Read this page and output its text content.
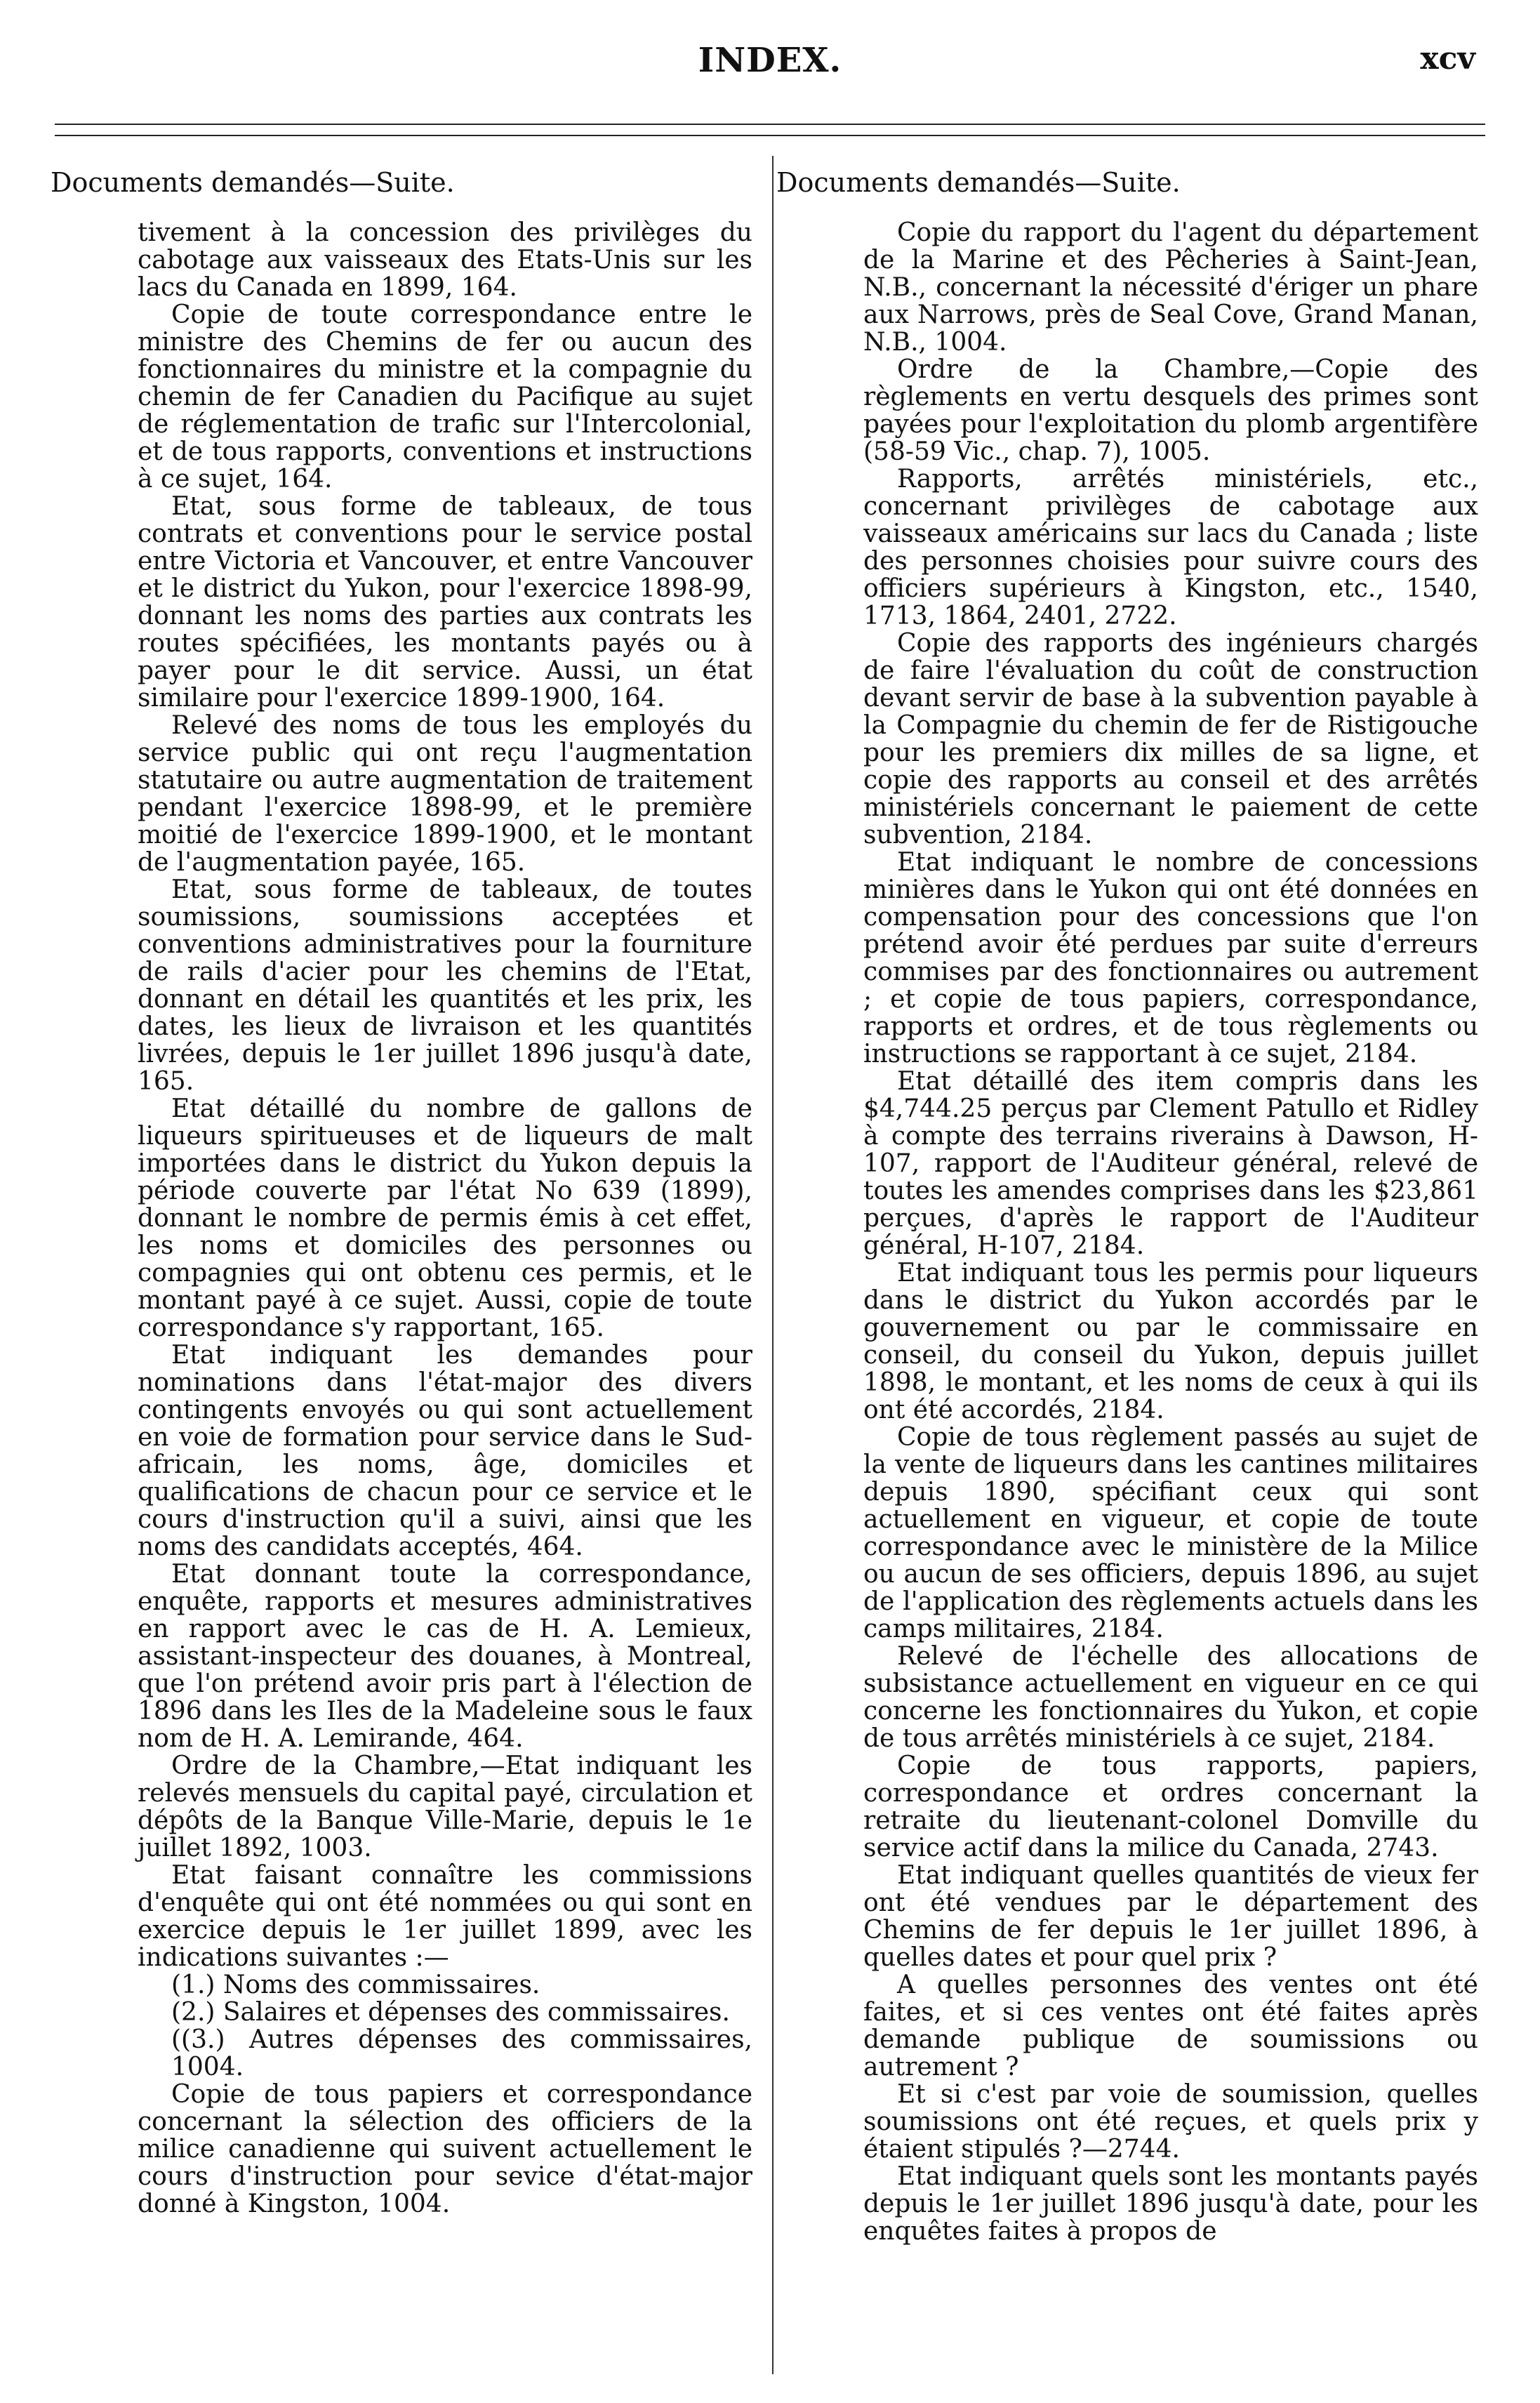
INDEX.	xcv
Documents demandés—Suite.

tivement à la concession des privilèges du cabotage aux vaisseaux des Etats-Unis sur les lacs du Canada en 1899, 164.

Copie de toute correspondance entre le ministre des Chemins de fer ou aucun des fonctionnaires du ministre et la compagnie du chemin de fer Canadien du Pacifique au sujet de réglementation de trafic sur l'Intercolonial, et de tous rapports, conventions et instructions à ce sujet, 164.

Etat, sous forme de tableaux, de tous contrats et conventions pour le service postal entre Victoria et Vancouver, et entre Vancouver et le district du Yukon, pour l'exercice 1898-99, donnant les noms des parties aux contrats les routes spécifiées, les montants payés ou à payer pour le dit service. Aussi, un état similaire pour l'exercice 1899-1900, 164.

Relevé des noms de tous les employés du service public qui ont reçu l'augmentation statutaire ou autre augmentation de traitement pendant l'exercice 1898-99, et le première moitié de l'exercice 1899-1900, et le montant de l'augmentation payée, 165.

Etat, sous forme de tableaux, de toutes soumissions, soumissions acceptées et conventions administratives pour la fourniture de rails d'acier pour les chemins de l'Etat, donnant en détail les quantités et les prix, les dates, les lieux de livraison et les quantités livrées, depuis le 1er juillet 1896 jusqu'à date, 165.

Etat détaillé du nombre de gallons de liqueurs spiritueuses et de liqueurs de malt importées dans le district du Yukon depuis la période couverte par l'état No 639 (1899), donnant le nombre de permis émis à cet effet, les noms et domiciles des personnes ou compagnies qui ont obtenu ces permis, et le montant payé à ce sujet. Aussi, copie de toute correspondance s'y rapportant, 165.

Etat indiquant les demandes pour nominations dans l'état-major des divers contingents envoyés ou qui sont actuellement en voie de formation pour service dans le Sud-africain, les noms, âge, domiciles et qualifications de chacun pour ce service et le cours d'instruction qu'il a suivi, ainsi que les noms des candidats acceptés, 464.

Etat donnant toute la correspondance, enquête, rapports et mesures administratives en rapport avec le cas de H. A. Lemieux, assistant-inspecteur des douanes, à Montreal, que l'on prétend avoir pris part à l'élection de 1896 dans les Iles de la Madeleine sous le faux nom de H. A. Lemirande, 464.

Ordre de la Chambre,—Etat indiquant les relevés mensuels du capital payé, circulation et dépôts de la Banque Ville-Marie, depuis le 1e juillet 1892, 1003.

Etat faisant connaître les commissions d'enquête qui ont été nommées ou qui sont en exercice depuis le 1er juillet 1899, avec les indications suivantes :—

(1.) Noms des commissaires.

(2.) Salaires et dépenses des commissaires.

((3.) Autres dépenses des commissaires, 1004.

Copie de tous papiers et correspondance concernant la sélection des officiers de la milice canadienne qui suivent actuellement le cours d'instruction pour sevice d'état-major donné à Kingston, 1004.

Documents demandés—Suite.

Copie du rapport du l'agent du département de la Marine et des Pêcheries à Saint-Jean, N.B., concernant la nécessité d'ériger un phare aux Narrows, près de Seal Cove, Grand Manan, N.B., 1004.

Ordre de la Chambre,—Copie des règlements en vertu desquels des primes sont payées pour l'exploitation du plomb argentifère (58-59 Vic., chap. 7), 1005.

Rapports, arrêtés ministériels, etc., concernant privilèges de cabotage aux vaisseaux américains sur lacs du Canada ; liste des personnes choisies pour suivre cours des officiers supérieurs à Kingston, etc., 1540, 1713, 1864, 2401, 2722.

Copie des rapports des ingénieurs chargés de faire l'évaluation du coût de construction devant servir de base à la subvention payable à la Compagnie du chemin de fer de Ristigouche pour les premiers dix milles de sa ligne, et copie des rapports au conseil et des arrêtés ministériels concernant le paiement de cette subvention, 2184.

Etat indiquant le nombre de concessions minières dans le Yukon qui ont été données en compensation pour des concessions que l'on prétend avoir été perdues par suite d'erreurs commises par des fonctionnaires ou autrement ; et copie de tous papiers, correspondance, rapports et ordres, et de tous règlements ou instructions se rapportant à ce sujet, 2184.

Etat détaillé des item compris dans les $4,744.25 perçus par Clement Patullo et Ridley à compte des terrains riverains à Dawson, H-107, rapport de l'Auditeur général, relevé de toutes les amendes comprises dans les $23,861 perçues, d'après le rapport de l'Auditeur général, H-107, 2184.

Etat indiquant tous les permis pour liqueurs dans le district du Yukon accordés par le gouvernement ou par le commissaire en conseil, du conseil du Yukon, depuis juillet 1898, le montant, et les noms de ceux à qui ils ont été accordés, 2184.

Copie de tous règlement passés au sujet de la vente de liqueurs dans les cantines militaires depuis 1890, spécifiant ceux qui sont actuellement en vigueur, et copie de toute correspondance avec le ministère de la Milice ou aucun de ses officiers, depuis 1896, au sujet de l'application des règlements actuels dans les camps militaires, 2184.

Relevé de l'échelle des allocations de subsistance actuellement en vigueur en ce qui concerne les fonctionnaires du Yukon, et copie de tous arrêtés ministériels à ce sujet, 2184.

Copie de tous rapports, papiers, correspondance et ordres concernant la retraite du lieutenant-colonel Domville du service actif dans la milice du Canada, 2743.

Etat indiquant quelles quantités de vieux fer ont été vendues par le département des Chemins de fer depuis le 1er juillet 1896, à quelles dates et pour quel prix ?

A quelles personnes des ventes ont été faites, et si ces ventes ont été faites après demande publique de soumissions ou autrement ?

Et si c'est par voie de soumission, quelles soumissions ont été reçues, et quels prix y étaient stipulés ?—2744.

Etat indiquant quels sont les montants payés depuis le 1er juillet 1896 jusqu'à date, pour les enquêtes faites à propos de
